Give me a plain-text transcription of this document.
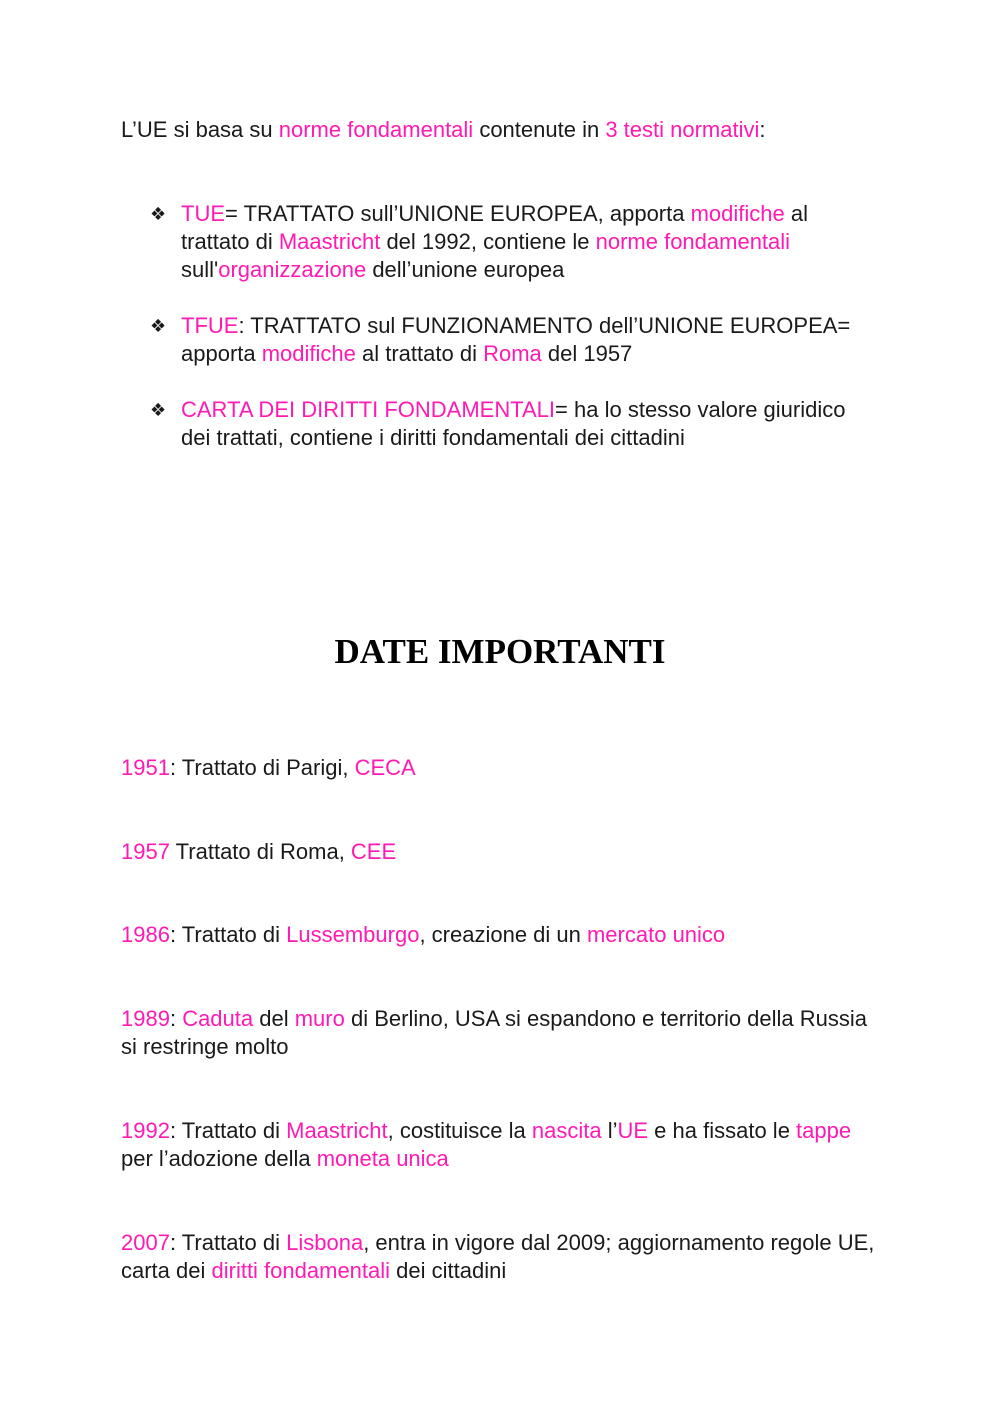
L’UE si basa su norme fondamentali contenute in 3 testi normativi:

❖ TUE= TRATTATO sull’UNIONE EUROPEA, apporta modifiche al trattato di Maastricht del 1992, contiene le norme fondamentali sull'organizzazione dell’unione europea
❖ TFUE: TRATTATO sul FUNZIONAMENTO dell’UNIONE EUROPEA= apporta modifiche al trattato di Roma del 1957
❖ CARTA DEI DIRITTI FONDAMENTALI= ha lo stesso valore giuridico dei trattati, contiene i diritti fondamentali dei cittadini
DATE IMPORTANTI

1951: Trattato di Parigi, CECA

1957 Trattato di Roma, CEE

1986: Trattato di Lussemburgo, creazione di un mercato unico

1989: Caduta del muro di Berlino, USA si espandono e territorio della Russia si restringe molto

1992: Trattato di Maastricht, costituisce la nascita l’UE e ha fissato le tappe per l’adozione della moneta unica

2007: Trattato di Lisbona, entra in vigore dal 2009; aggiornamento regole UE, carta dei diritti fondamentali dei cittadini
